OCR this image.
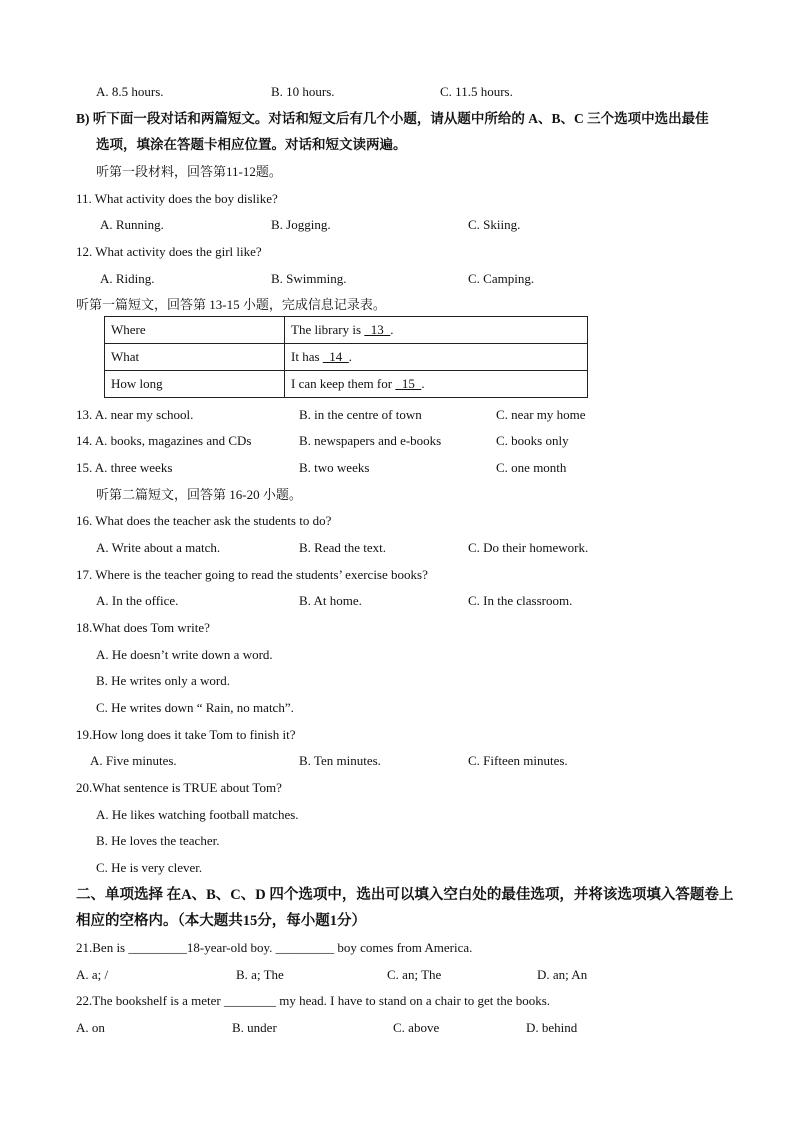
A. 8.5 hours.	B. 10 hours.	C. 11.5 hours.
B) 听下面一段对话和两篇短文。对话和短文后有几个小题，请从题中所给的 A、B、C 三个选项中选出最佳
选项，填涂在答题卡相应位置。对话和短文读两遍。
听第一段材料，回答第11-12题。
11. What activity does the boy dislike?
A. Running.	B. Jogging.	C. Skiing.
12. What activity does the girl like?
A. Riding.	B. Swimming.	C. Camping.
听第一篇短文，回答第 13-15 小题，完成信息记录表。
Where	The library is   13  .
What	It has   14  .
How long	I can keep them for   15  .
13. A. near my school.	B. in the centre of town	C. near my home
14. A. books, magazines and CDs	B. newspapers and e-books	C. books only
15. A. three weeks	B. two weeks	C. one month
听第二篇短文，回答第 16-20 小题。
16. What does the teacher ask the students to do?
A. Write about a match.	B. Read the text.	C. Do their homework.
17. Where is the teacher going to read the students’ exercise books?
A. In the office.	B. At home.	C. In the classroom.
18.What does Tom write?
A. He doesn’t write down a word.
B. He writes only a word.
C. He writes down “ Rain, no match”.
19.How long does it take Tom to finish it?
A. Five minutes.	B. Ten minutes.	C. Fifteen minutes.
20.What sentence is TRUE about Tom?
A. He likes watching football matches.
B. He loves the teacher.
C. He is very clever.
二、单项选择 在A、B、C、D 四个选项中，选出可以填入空白处的最佳选项，并将该选项填入答题卷上
相应的空格内。（本大题共15分，每小题1分）
21.Ben is _________18-year-old boy. _________ boy comes from America.
A. a; /	B. a; The	C. an; The	D. an; An
22.The bookshelf is a meter ________ my head. I have to stand on a chair to get the books.
A. on	B. under	C. above	D. behind
